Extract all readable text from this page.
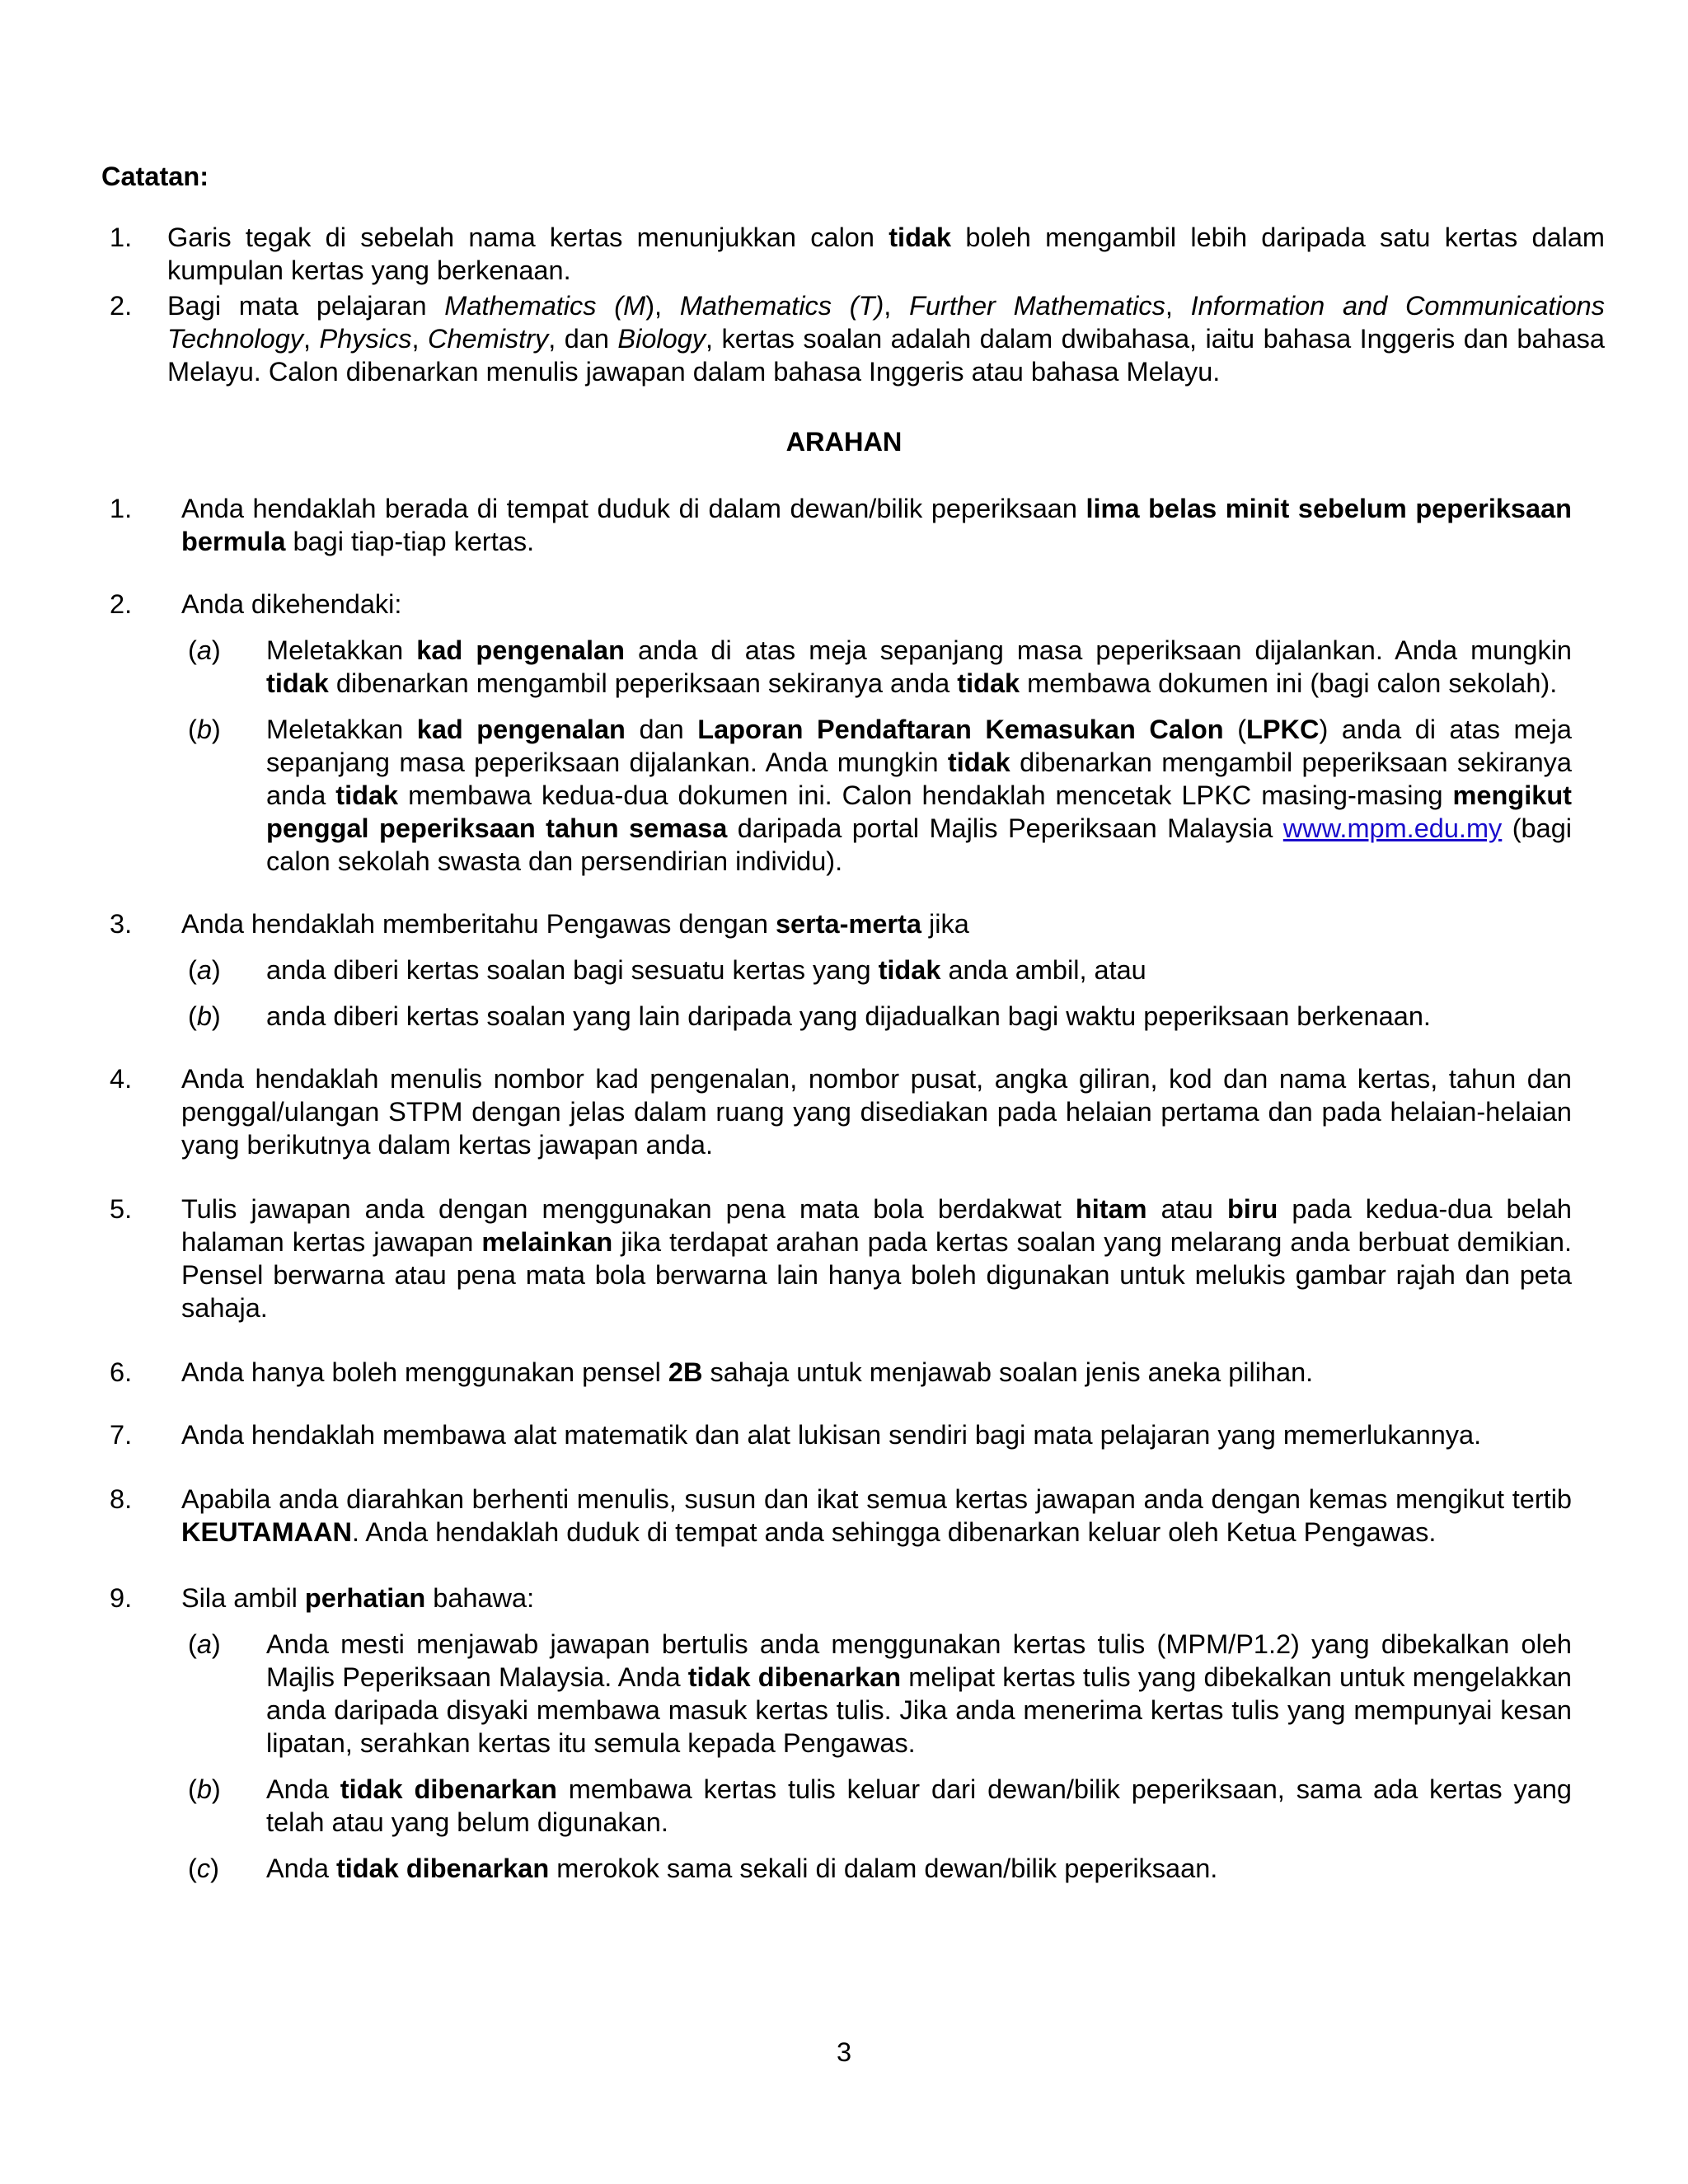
Catatan:
1.	Garis tegak di sebelah nama kertas menunjukkan calon tidak boleh mengambil lebih daripada satu kertas dalam kumpulan kertas yang berkenaan.
2.	Bagi mata pelajaran Mathematics (M), Mathematics (T), Further Mathematics, Information and Communications Technology, Physics, Chemistry, dan Biology, kertas soalan adalah dalam dwibahasa, iaitu bahasa Inggeris dan bahasa Melayu. Calon dibenarkan menulis jawapan dalam bahasa Inggeris atau bahasa Melayu.
ARAHAN
1.	Anda hendaklah berada di tempat duduk di dalam dewan/bilik peperiksaan lima belas minit sebelum peperiksaan bermula bagi tiap-tiap kertas.
2.	Anda dikehendaki:
(a)	Meletakkan kad pengenalan anda di atas meja sepanjang masa peperiksaan dijalankan. Anda mungkin tidak dibenarkan mengambil peperiksaan sekiranya anda tidak membawa dokumen ini (bagi calon sekolah).
(b)	Meletakkan kad pengenalan dan Laporan Pendaftaran Kemasukan Calon (LPKC) anda di atas meja sepanjang masa peperiksaan dijalankan. Anda mungkin tidak dibenarkan mengambil peperiksaan sekiranya anda tidak membawa kedua-dua dokumen ini. Calon hendaklah mencetak LPKC masing-masing mengikut penggal peperiksaan tahun semasa daripada portal Majlis Peperiksaan Malaysia www.mpm.edu.my (bagi calon sekolah swasta dan persendirian individu).
3.	Anda hendaklah memberitahu Pengawas dengan serta-merta jika
(a)	anda diberi kertas soalan bagi sesuatu kertas yang tidak anda ambil, atau
(b)	anda diberi kertas soalan yang lain daripada yang dijadualkan bagi waktu peperiksaan berkenaan.
4.	Anda hendaklah menulis nombor kad pengenalan, nombor pusat, angka giliran, kod dan nama kertas, tahun dan penggal/ulangan STPM dengan jelas dalam ruang yang disediakan pada helaian pertama dan pada helaian-helaian yang berikutnya dalam kertas jawapan anda.
5.	Tulis jawapan anda dengan menggunakan pena mata bola berdakwat hitam atau biru pada kedua-dua belah halaman kertas jawapan melainkan jika terdapat arahan pada kertas soalan yang melarang anda berbuat demikian. Pensel berwarna atau pena mata bola berwarna lain hanya boleh digunakan untuk melukis gambar rajah dan peta sahaja.
6.	Anda hanya boleh menggunakan pensel 2B sahaja untuk menjawab soalan jenis aneka pilihan.
7.	Anda hendaklah membawa alat matematik dan alat lukisan sendiri bagi mata pelajaran yang memerlukannya.
8.	Apabila anda diarahkan berhenti menulis, susun dan ikat semua kertas jawapan anda dengan kemas mengikut tertib KEUTAMAAN. Anda hendaklah duduk di tempat anda sehingga dibenarkan keluar oleh Ketua Pengawas.
9.	Sila ambil perhatian bahawa:
(a)	Anda mesti menjawab jawapan bertulis anda menggunakan kertas tulis (MPM/P1.2) yang dibekalkan oleh Majlis Peperiksaan Malaysia. Anda tidak dibenarkan melipat kertas tulis yang dibekalkan untuk mengelakkan anda daripada disyaki membawa masuk kertas tulis. Jika anda menerima kertas tulis yang mempunyai kesan lipatan, serahkan kertas itu semula kepada Pengawas.
(b)	Anda tidak dibenarkan membawa kertas tulis keluar dari dewan/bilik peperiksaan, sama ada kertas yang telah atau yang belum digunakan.
(c)	Anda tidak dibenarkan merokok sama sekali di dalam dewan/bilik peperiksaan.
3
